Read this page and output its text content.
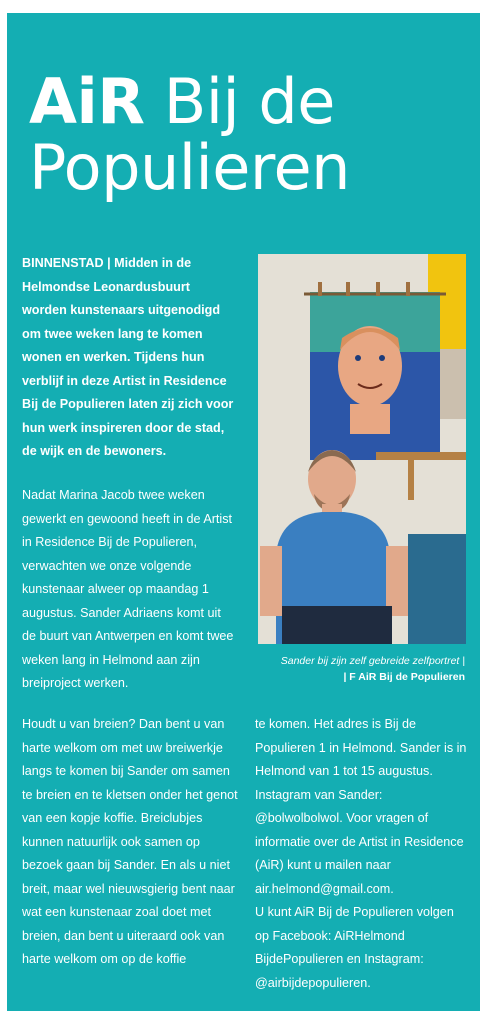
AiR Bij de
Populieren

BINNENSTAD | Midden in de Helmondse Leonardusbuurt worden kunstenaars uitgenodigd om twee weken lang te komen wonen en werken. Tijdens hun verblijf in deze Artist in Residence Bij de Populieren laten zij zich voor hun werk inspireren door de stad, de wijk en de bewoners.

Nadat Marina Jacob twee weken gewerkt en gewoond heeft in de Artist in Residence Bij de Populieren, verwachten we onze volgende kunstenaar alweer op maandag 1 augustus. Sander Adriaens komt uit de buurt van Antwerpen en komt twee weken lang in Helmond aan zijn breiproject werken.

Houdt u van breien? Dan bent u van harte welkom om met uw breiwerkje langs te komen bij Sander om samen te breien en te kletsen onder het genot van een kopje koffie. Breiclubjes kunnen natuurlijk ook samen op bezoek gaan bij Sander. En als u niet breit, maar wel nieuwsgierig bent naar wat een kunstenaar zoal doet met breien, dan bent u uiteraard ook van harte welkom om op de koffie

te komen. Het adres is Bij de Populieren 1 in Helmond. Sander is in Helmond van 1 tot 15 augustus. Instagram van Sander: @bolwolbolwol. Voor vragen of informatie over de Artist in Residence (AiR) kunt u mailen naar air.helmond@gmail.com.

U kunt AiR Bij de Populieren volgen op Facebook: AiRHelmond BijdePopulieren en Instagram: @airbijdepopulieren.

Sander bij zijn zelf gebreide zelfportret |
| F AiR Bij de Populieren
